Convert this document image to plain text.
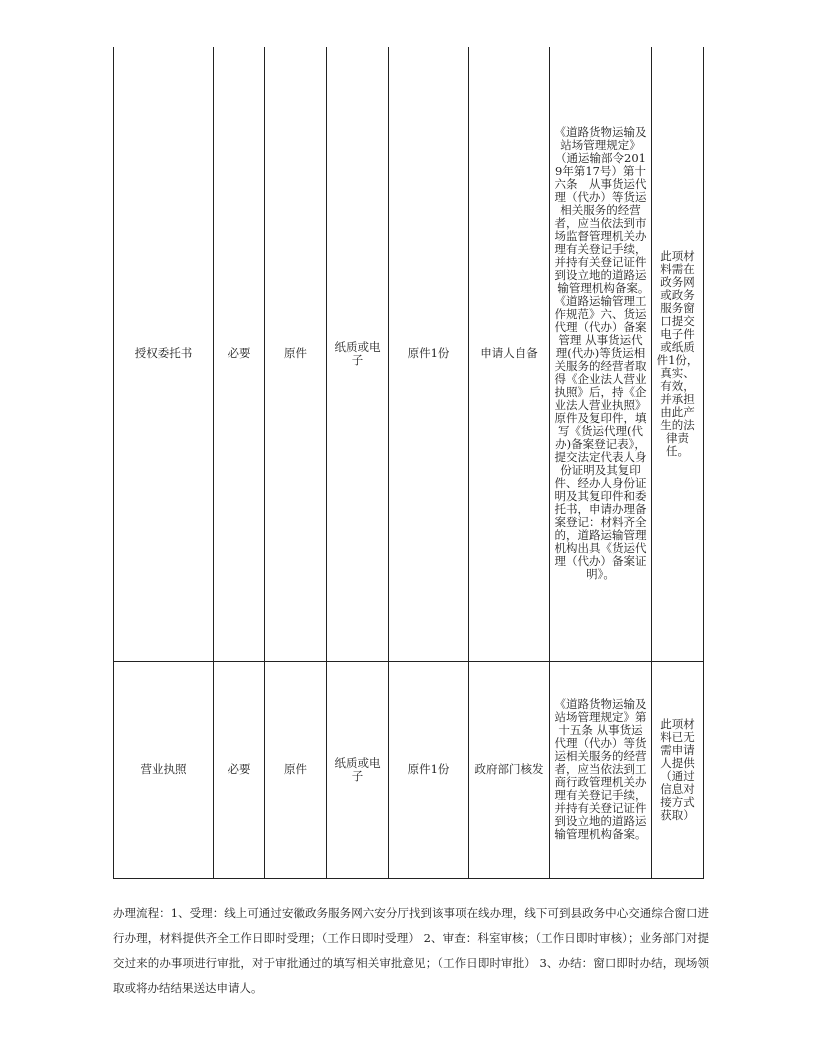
授权委托书	必要	原件	纸质或电子	原件1份	申请人自备	《道路货物运输及站场管理规定》（通运输部令2019年第17号）第十六条　从事货运代理（代办）等货运相关服务的经营者，应当依法到市场监督管理机关办理有关登记手续，并持有关登记证件到设立地的道路运输管理机构备案。　《道路运输管理工作规范》六、货运代理（代办）备案管理 从事货运代理(代办)等货运相关服务的经营者取得《企业法人营业执照》后，持《企业法人营业执照》原件及复印件，填写《货运代理(代办)备案登记表》，提交法定代表人身份证明及其复印件、经办人身份证明及其复印件和委托书，申请办理备案登记：材料齐全的，道路运输管理机构出具《货运代理（代办）备案证明》。	此项材料需在政务网或政务服务窗口提交电子件或纸质件1份，真实、有效，并承担由此产生的法律责任。
营业执照	必要	原件	纸质或电子	原件1份	政府部门核发	《道路货物运输及站场管理规定》第十五条 从事货运代理（代办）等货运相关服务的经营者，应当依法到工商行政管理机关办理有关登记手续，并持有关登记证件到设立地的道路运输管理机构备案。	此项材料已无需申请人提供（通过信息对接方式获取）
办理流程：1、受理：线上可通过安徽政务服务网六安分厅找到该事项在线办理，线下可到县政务中心交通综合窗口进行办理，材料提供齐全工作日即时受理；（工作日即时受理） 2、审查：科室审核；（工作日即时审核）；业务部门对提交过来的办事项进行审批，对于审批通过的填写相关审批意见；（工作日即时审批） 3、办结：窗口即时办结，现场领取或将办结结果送达申请人。
